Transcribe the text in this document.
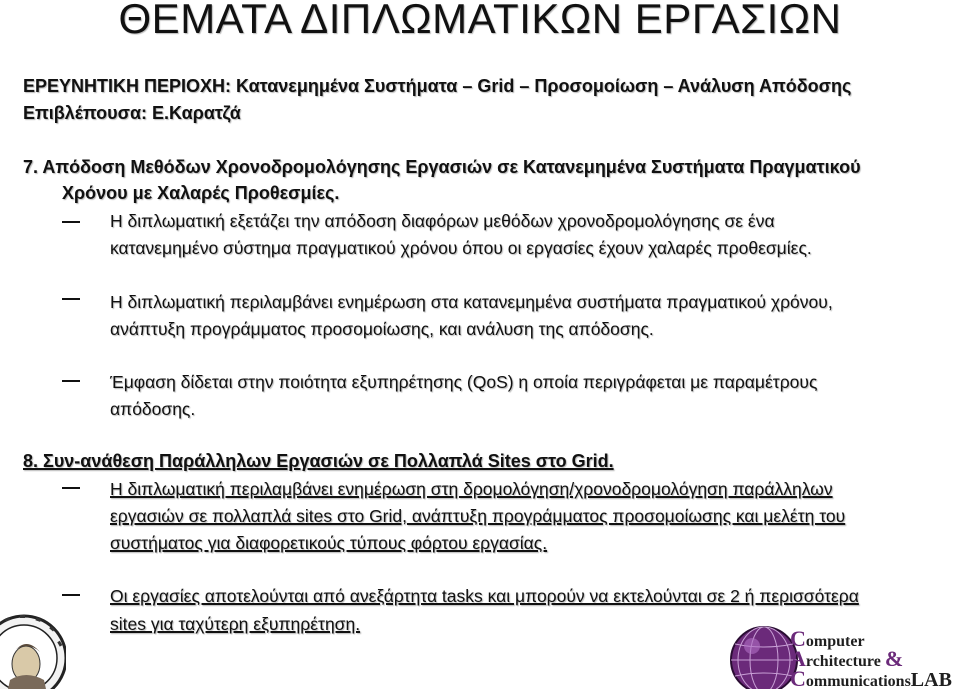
ΘΕΜΑΤΑ ΔΙΠΛΩΜΑΤΙΚΩΝ ΕΡΓΑΣΙΩΝ
ΕΡΕΥΝΗΤΙΚΗ ΠΕΡΙΟΧΗ: Κατανεμημένα Συστήματα – Grid – Προσομοίωση – Ανάλυση Απόδοσης
Επιβλέπουσα: Ε.Καρατζά
7. Απόδοση Μεθόδων Χρονοδρομολόγησης Εργασιών σε Κατανεμημένα Συστήματα Πραγματικού
Χρόνου με Χαλαρές Προθεσμίες.
Η διπλωματική εξετάζει την απόδοση διαφόρων μεθόδων χρονοδρομολόγησης σε ένα
κατανεμημένο σύστημα πραγματικού χρόνου όπου οι εργασίες έχουν χαλαρές προθεσμίες.
Η διπλωματική περιλαμβάνει ενημέρωση στα κατανεμημένα συστήματα πραγματικού χρόνου,
ανάπτυξη προγράμματος προσομοίωσης, και ανάλυση της απόδοσης.
Έμφαση δίδεται στην ποιότητα εξυπηρέτησης (QoS) η οποία περιγράφεται με παραμέτρους
απόδοσης.
8. Συν-ανάθεση Παράλληλων Εργασιών σε Πολλαπλά Sites στο Grid.
Η διπλωματική περιλαμβάνει ενημέρωση στη δρομολόγηση/χρονοδρομολόγηση παράλληλων
εργασιών σε πολλαπλά sites στο Grid, ανάπτυξη προγράμματος προσομοίωσης και μελέτη του
συστήματος για διαφορετικούς τύπους φόρτου εργασίας.
Οι εργασίες αποτελούνται από ανεξάρτητα tasks και μπορούν να εκτελούνται σε 2 ή περισσότερα
sites για ταχύτερη εξυπηρέτηση.
Computer
Architecture &
CommunicationsLAB
